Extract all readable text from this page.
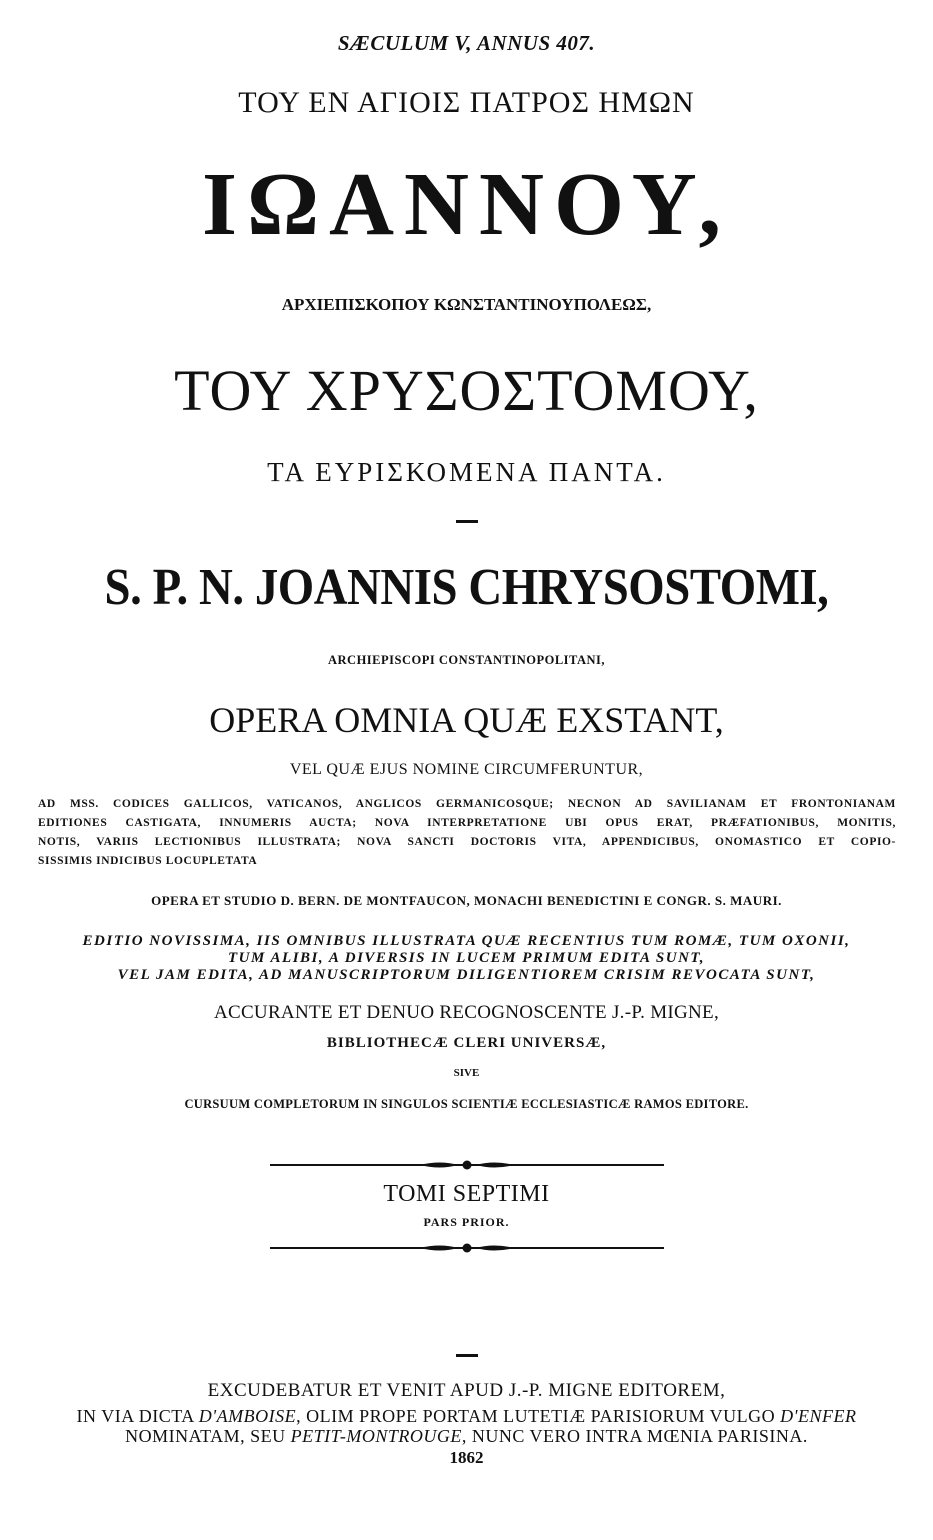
SÆCULUM V, ANNUS 407.

ΤΟΥ ΕΝ ΑΓΙΟΙΣ ΠΑΤΡΟΣ ΗΜΩΝ

ΙΩΑΝΝΟΥ,

ΑΡΧΙΕΠΙΣΚΟΠΟΥ ΚΩΝΣΤΑΝΤΙΝΟΥΠΟΛΕΩΣ,

ΤΟΥ ΧΡΥΣΟΣΤΟΜΟΥ,

ΤΑ ΕΥΡΙΣΚΟΜΕΝΑ ΠΑΝΤΑ.

S. P. N. JOANNIS CHRYSOSTOMI,

ARCHIEPISCOPI CONSTANTINOPOLITANI,

OPERA OMNIA QUÆ EXSTANT,

VEL QUÆ EJUS NOMINE CIRCUMFERUNTUR,

AD MSS. CODICES GALLICOS, VATICANOS, ANGLICOS GERMANICOSQUE; NECNON AD SAVILIANAM ET FRONTONIANAM
EDITIONES CASTIGATA, INNUMERIS AUCTA; NOVA INTERPRETATIONE UBI OPUS ERAT, PRÆFATIONIBUS, MONITIS,
NOTIS, VARIIS LECTIONIBUS ILLUSTRATA; NOVA SANCTI DOCTORIS VITA, APPENDICIBUS, ONOMASTICO ET COPIO-
SISSIMIS INDICIBUS LOCUPLETATA

OPERA ET STUDIO D. BERN. DE MONTFAUCON, MONACHI BENEDICTINI E CONGR. S. MAURI.

EDITIO NOVISSIMA, IIS OMNIBUS ILLUSTRATA QUÆ RECENTIUS TUM ROMÆ, TUM OXONII,

TUM ALIBI, A DIVERSIS IN LUCEM PRIMUM EDITA SUNT,

VEL JAM EDITA, AD MANUSCRIPTORUM DILIGENTIOREM CRISIM REVOCATA SUNT,

ACCURANTE ET DENUO RECOGNOSCENTE J.-P. MIGNE,

BIBLIOTHECÆ CLERI UNIVERSÆ,

SIVE

CURSUUM COMPLETORUM IN SINGULOS SCIENTIÆ ECCLESIASTICÆ RAMOS EDITORE.

TOMI SEPTIMI

PARS PRIOR.

EXCUDEBATUR ET VENIT APUD J.-P. MIGNE EDITOREM,

IN VIA DICTA D'AMBOISE, OLIM PROPE PORTAM LUTETIÆ PARISIORUM VULGO D'ENFER

NOMINATAM, SEU PETIT-MONTROUGE, NUNC VERO INTRA MŒNIA PARISINA.

1862
